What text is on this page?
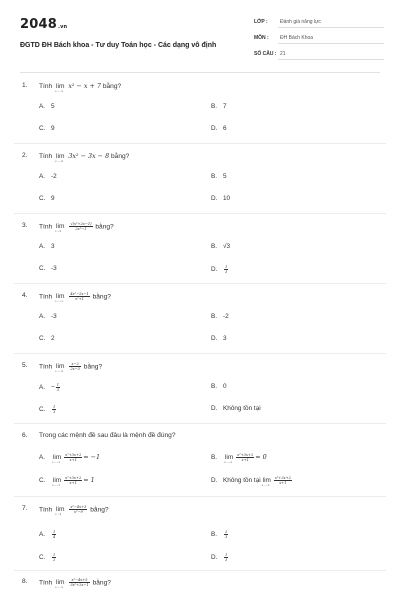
2048.vn
ĐGTD ĐH Bách khoa - Tư duy Toán học - Các dạng vô định
LỚP : Đánh giá năng lực
MÔN : ĐH Bách Khoa
SỐ CÂU : 21
1. Tính lim
x→−1
x² − x + 7 bằng?
A. 5	B. 7
C. 9	D. 6
2. Tính lim
x→−2
3x² − 3x − 8 bằng?
A. -2	B. 5
C. 9	D. 10
3. Tính lim
x→2

$\frac{\text{√(x²+2x−1)}}{\text{2x²−1}}$ bằng?
A. 3	B. √3
C. -3	D. $\frac{1}{3}$
4. Tính lim
x→−∞

$\frac{\text{4x²−2x−1}}{\text{x²+1}}$ bằng?
A. -3	B. -2
C. 2	D. 3
5. Tính lim
x→−3

$\frac{x-2}{2x-3}$ bằng?
A. − $\frac{1}{3}$	B. 0
C. $\frac{1}{3}$	D. Không tồn tại
6. Trong các mệnh đề sau đâu là mệnh đề đúng?
A. lim
x→−1
$\frac{\text{x²+3x+2}}{x+1} = -1$	B. lim
x→−1
$\frac{\text{x²+3x+2}}{x+1} = 0$
C. lim
x→−1
$\frac{\text{x²+3x+2}}{x+1} = 1$	D. Không tồn tại lim
x→−1
$\frac{\text{x²+3x+2}}{x+1}$
7. Tính lim
x→3

$\frac{\text{x²−4x+3}}{\text{x²−9}}$ bằng?
A. $\frac{1}{4}$	B. $\frac{2}{3}$
C. $\frac{1}{2}$	D. $\frac{1}{3}$
8. Tính lim
x→−1

$\frac{\text{x²−4x+5}}{\text{3x²+2x−1}}$ bằng?
